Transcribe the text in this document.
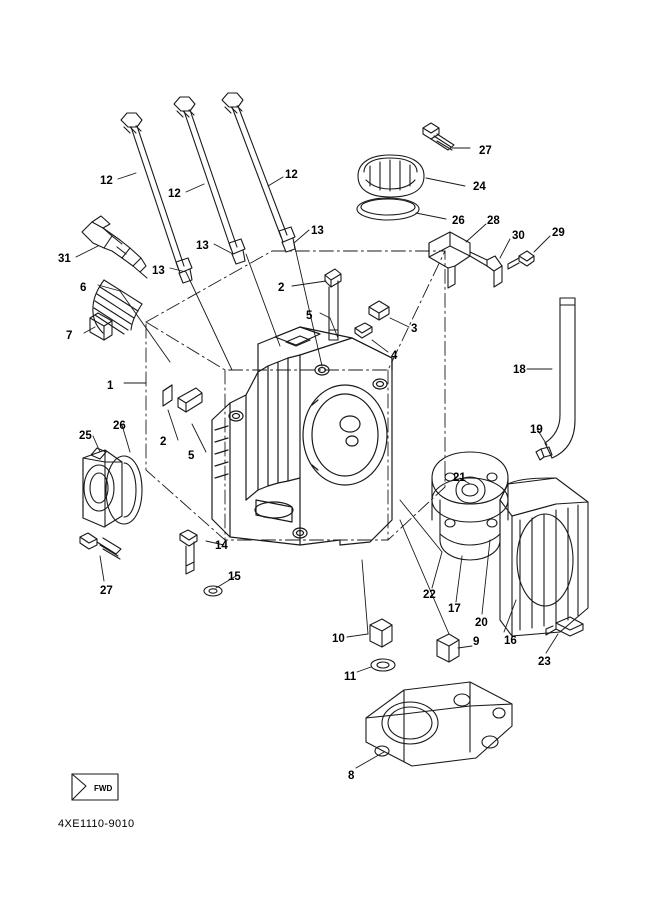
1
2
2
3
4
5
5
6
7
8
9
10
11
12
12
12
13
13
13
14
15
16
17
18
19
20
21
22
23
24
25
26
26
27
27
28
29
30
31
FWD
4XE1110-9010
